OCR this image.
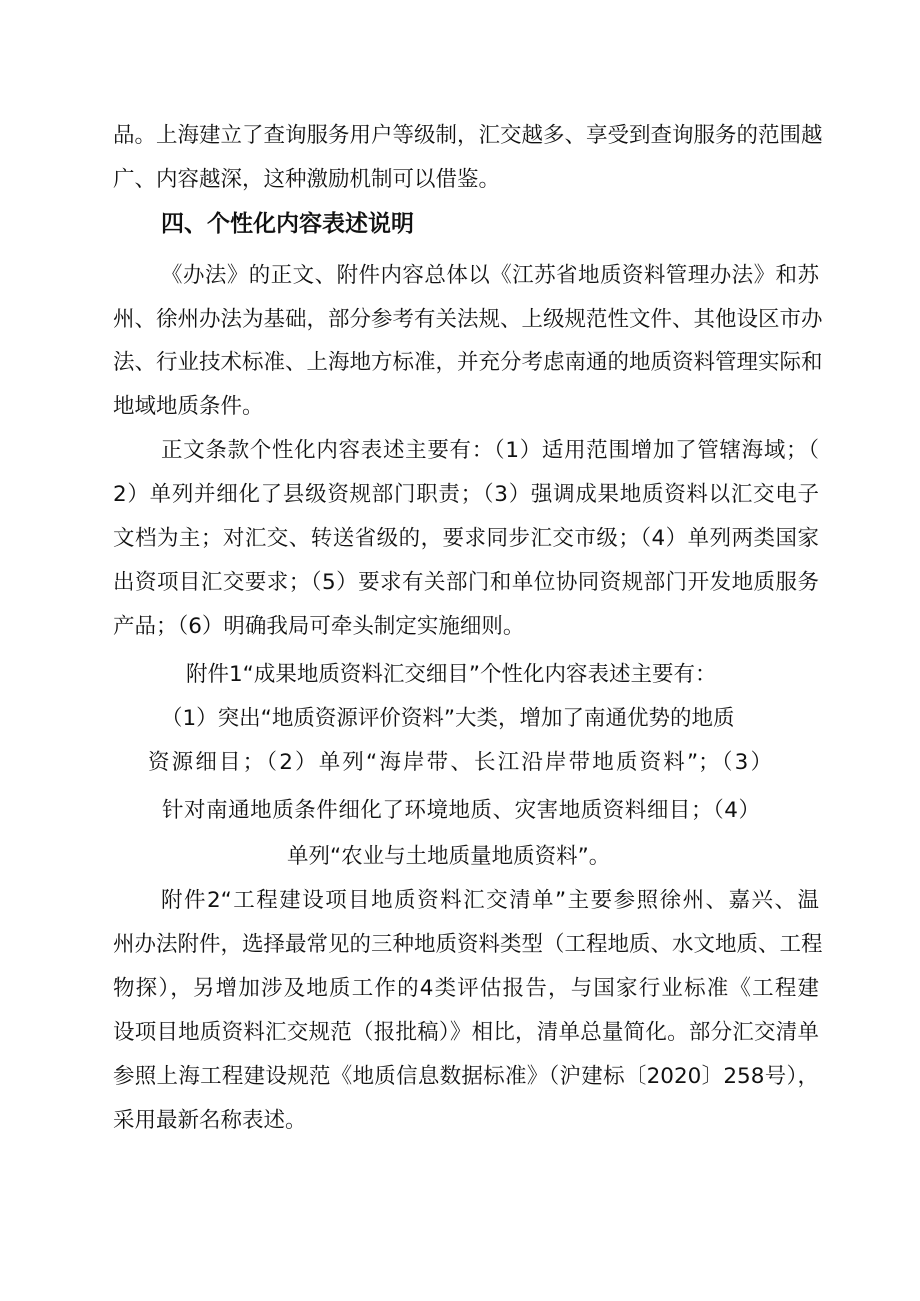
品。上海建立了查询服务用户等级制，汇交越多、享受到查询服务的范围越
广、内容越深，这种激励机制可以借鉴。
四、个性化内容表述说明
《办法》的正文、附件内容总体以《江苏省地质资料管理办法》和苏
州、徐州办法为基础，部分参考有关法规、上级规范性文件、其他设区市办
法、行业技术标准、上海地方标准，并充分考虑南通的地质资料管理实际和
地域地质条件。
正文条款个性化内容表述主要有：（1）适用范围增加了管辖海域；（
2）单列并细化了县级资规部门职责；（3）强调成果地质资料以汇交电子
文档为主；对汇交、转送省级的，要求同步汇交市级；（4）单列两类国家
出资项目汇交要求；（5）要求有关部门和单位协同资规部门开发地质服务
产品；（6）明确我局可牵头制定实施细则。
附件1“成果地质资料汇交细目”个性化内容表述主要有：
（1）突出“地质资源评价资料”大类，增加了南通优势的地质
资源细目；（2）单列“海岸带、长江沿岸带地质资料”；（3）
针对南通地质条件细化了环境地质、灾害地质资料细目；（4）
单列“农业与土地质量地质资料”。
附件2“工程建设项目地质资料汇交清单”主要参照徐州、嘉兴、温
州办法附件，选择最常见的三种地质资料类型（工程地质、水文地质、工程
物探），另增加涉及地质工作的4类评估报告，与国家行业标准《工程建
设项目地质资料汇交规范（报批稿）》相比，清单总量简化。部分汇交清单
参照上海工程建设规范《地质信息数据标准》（沪建标〔2020〕258号），
采用最新名称表述。
